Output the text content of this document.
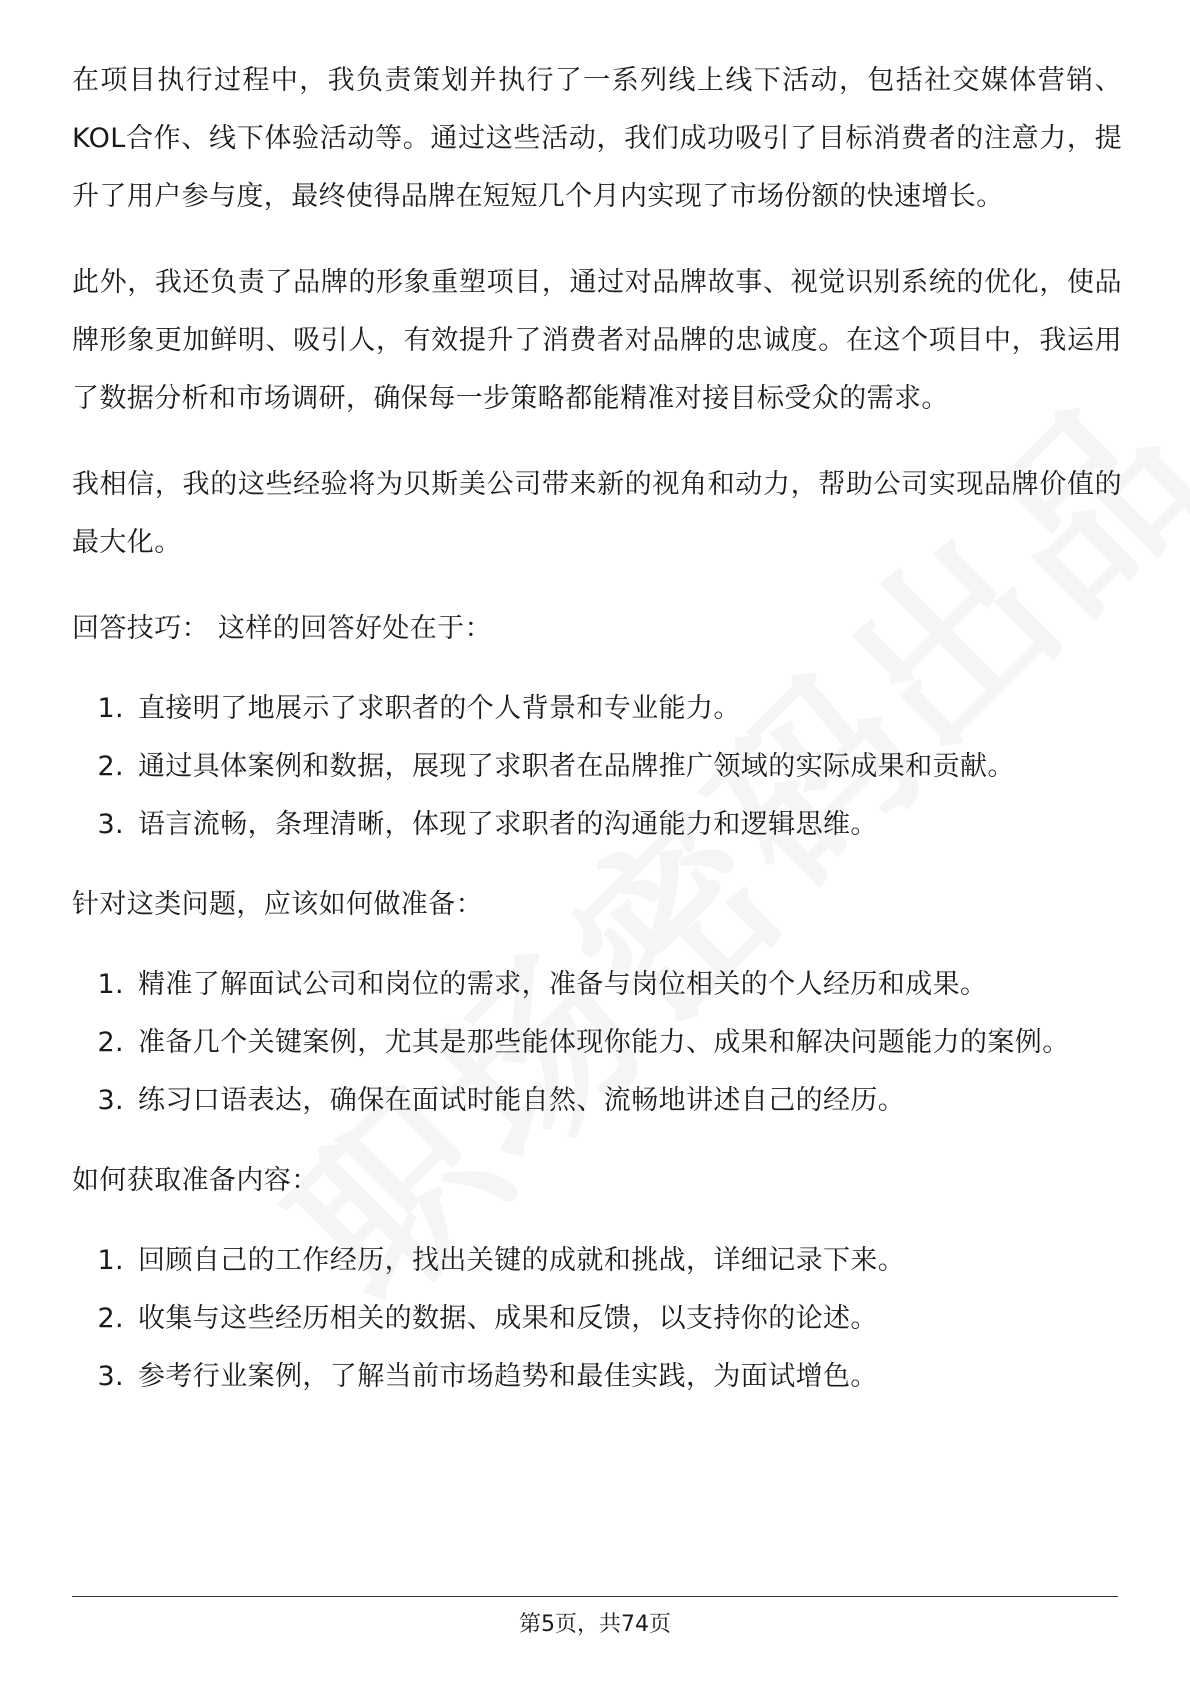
在项目执行过程中，我负责策划并执行了一系列线上线下活动，包括社交媒体营销、KOL合作、线下体验活动等。通过这些活动，我们成功吸引了目标消费者的注意力，提升了用户参与度，最终使得品牌在短短几个月内实现了市场份额的快速增长。

此外，我还负责了品牌的形象重塑项目，通过对品牌故事、视觉识别系统的优化，使品牌形象更加鲜明、吸引人，有效提升了消费者对品牌的忠诚度。在这个项目中，我运用了数据分析和市场调研，确保每一步策略都能精准对接目标受众的需求。

我相信，我的这些经验将为贝斯美公司带来新的视角和动力，帮助公司实现品牌价值的最大化。

回答技巧： 这样的回答好处在于：
1. 直接明了地展示了求职者的个人背景和专业能力。
2. 通过具体案例和数据，展现了求职者在品牌推广领域的实际成果和贡献。
3. 语言流畅，条理清晰，体现了求职者的沟通能力和逻辑思维。
针对这类问题，应该如何做准备：
1. 精准了解面试公司和岗位的需求，准备与岗位相关的个人经历和成果。
2. 准备几个关键案例，尤其是那些能体现你能力、成果和解决问题能力的案例。
3. 练习口语表达，确保在面试时能自然、流畅地讲述自己的经历。
如何获取准备内容：
1. 回顾自己的工作经历，找出关键的成就和挑战，详细记录下来。
2. 收集与这些经历相关的数据、成果和反馈，以支持你的论述。
3. 参考行业案例，了解当前市场趋势和最佳实践，为面试增色。
第5页，共74页
